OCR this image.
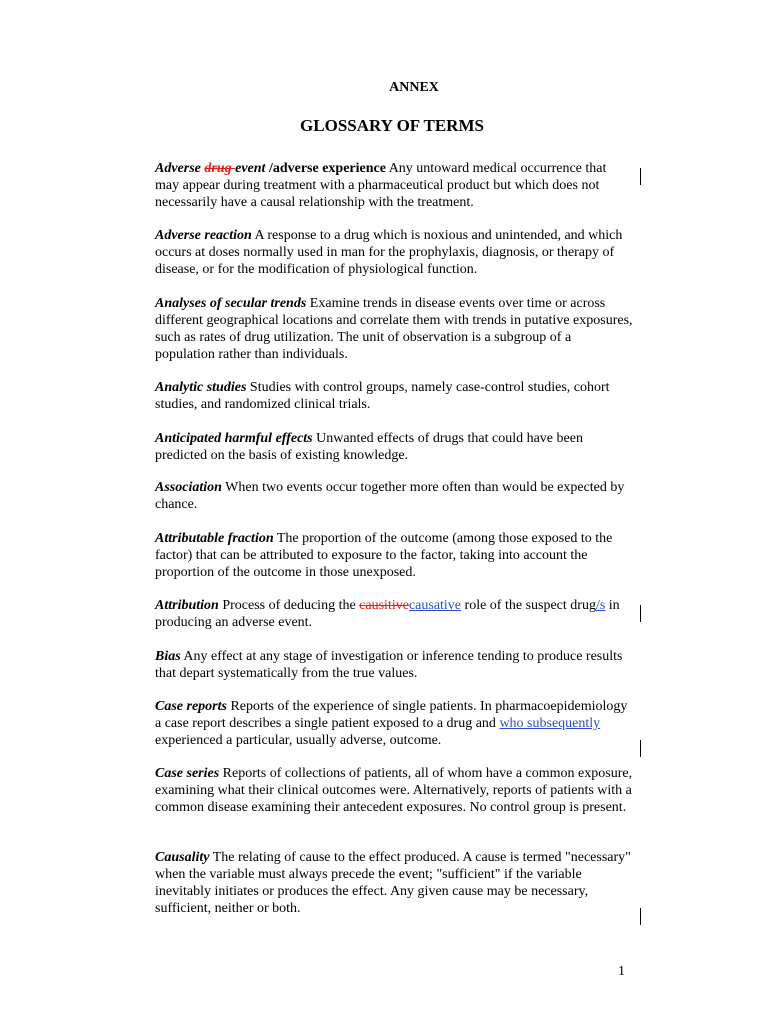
ANNEX
GLOSSARY OF TERMS

Adverse drug event /adverse experience Any untoward medical occurrence that may appear during treatment with a pharmaceutical product but which does not necessarily have a causal relationship with the treatment.

Adverse reaction A response to a drug which is noxious and unintended, and which occurs at doses normally used in man for the prophylaxis, diagnosis, or therapy of disease, or for the modification of physiological function.

Analyses of secular trends Examine trends in disease events over time or across different geographical locations and correlate them with trends in putative exposures, such as rates of drug utilization. The unit of observation is a subgroup of a population rather than individuals.

Analytic studies Studies with control groups, namely case-control studies, cohort studies, and randomized clinical trials.

Anticipated harmful effects Unwanted effects of drugs that could have been predicted on the basis of existing knowledge.

Association When two events occur together more often than would be expected by chance.

Attributable fraction The proportion of the outcome (among those exposed to the factor) that can be attributed to exposure to the factor, taking into account the proportion of the outcome in those unexposed.

Attribution Process of deducing the causitivecausative role of the suspect drug/s in producing an adverse event.

Bias Any effect at any stage of investigation or inference tending to produce results that depart systematically from the true values.

Case reports Reports of the experience of single patients. In pharmacoepidemiology a case report describes a single patient exposed to a drug and who subsequently experienced a particular, usually adverse, outcome.

Case series Reports of collections of patients, all of whom have a common exposure, examining what their clinical outcomes were. Alternatively, reports of patients with a common disease examining their antecedent exposures. No control group is present.

Causality The relating of cause to the effect produced. A cause is termed "necessary" when the variable must always precede the event; "sufficient" if the variable inevitably initiates or produces the effect. Any given cause may be necessary, sufficient, neither or both.

1
